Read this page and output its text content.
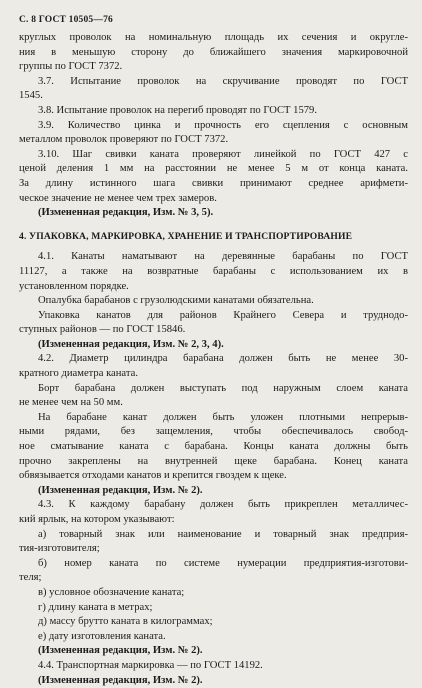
С. 8 ГОСТ 10505—76
круглых проволок на номинальную площадь их сечения и округле-
ния в меньшую сторону до ближайшего значения маркировочной
группы по ГОСТ 7372.
3.7. Испытание проволок на скручивание проводят по ГОСТ
1545.
3.8. Испытание проволок на перегиб проводят по ГОСТ 1579.
3.9. Количество цинка и прочность его сцепления с основным
металлом проволок проверяют по ГОСТ 7372.
3.10. Шаг свивки каната проверяют линейкой по ГОСТ 427 с
ценой деления 1 мм на расстоянии не менее 5 м от конца каната.
За длину истинного шага свивки принимают среднее арифмети-
ческое значение не менее чем трех замеров.
(Измененная редакция, Изм. № 3, 5).
4. УПАКОВКА, МАРКИРОВКА, ХРАНЕНИЕ И ТРАНСПОРТИРОВАНИЕ
4.1. Канаты наматывают на деревянные барабаны по ГОСТ
11127, а также на возвратные барабаны с использованием их в
установленном порядке.
Опалубка барабанов с грузолюдскими канатами обязательна.
Упаковка канатов для районов Крайнего Севера и труднодо-
ступных районов — по ГОСТ 15846.
(Измененная редакция, Изм. № 2, 3, 4).
4.2. Диаметр цилиндра барабана должен быть не менее 30-
кратного диаметра каната.
Борт барабана должен выступать под наружным слоем каната
не менее чем на 50 мм.
На барабане канат должен быть уложен плотными непрерыв-
ными рядами, без защемления, чтобы обеспечивалось свобод-
ное сматывание каната с барабана. Концы каната должны быть
прочно закреплены на внутренней щеке барабана. Конец каната
обвязывается отходами канатов и крепится гвоздем к щеке.
(Измененная редакция, Изм. № 2).
4.3. К каждому барабану должен быть прикреплен металличес-
кий ярлык, на котором указывают:
а) товарный знак или наименование и товарный знак предприя-
тия-изготовителя;
б) номер каната по системе нумерации предприятия-изготови-
теля;
в) условное обозначение каната;
г) длину каната в метрах;
д) массу брутто каната в килограммах;
е) дату изготовления каната.
(Измененная редакция, Изм. № 2).
4.4. Транспортная маркировка — по ГОСТ 14192.
(Измененная редакция, Изм. № 2).
